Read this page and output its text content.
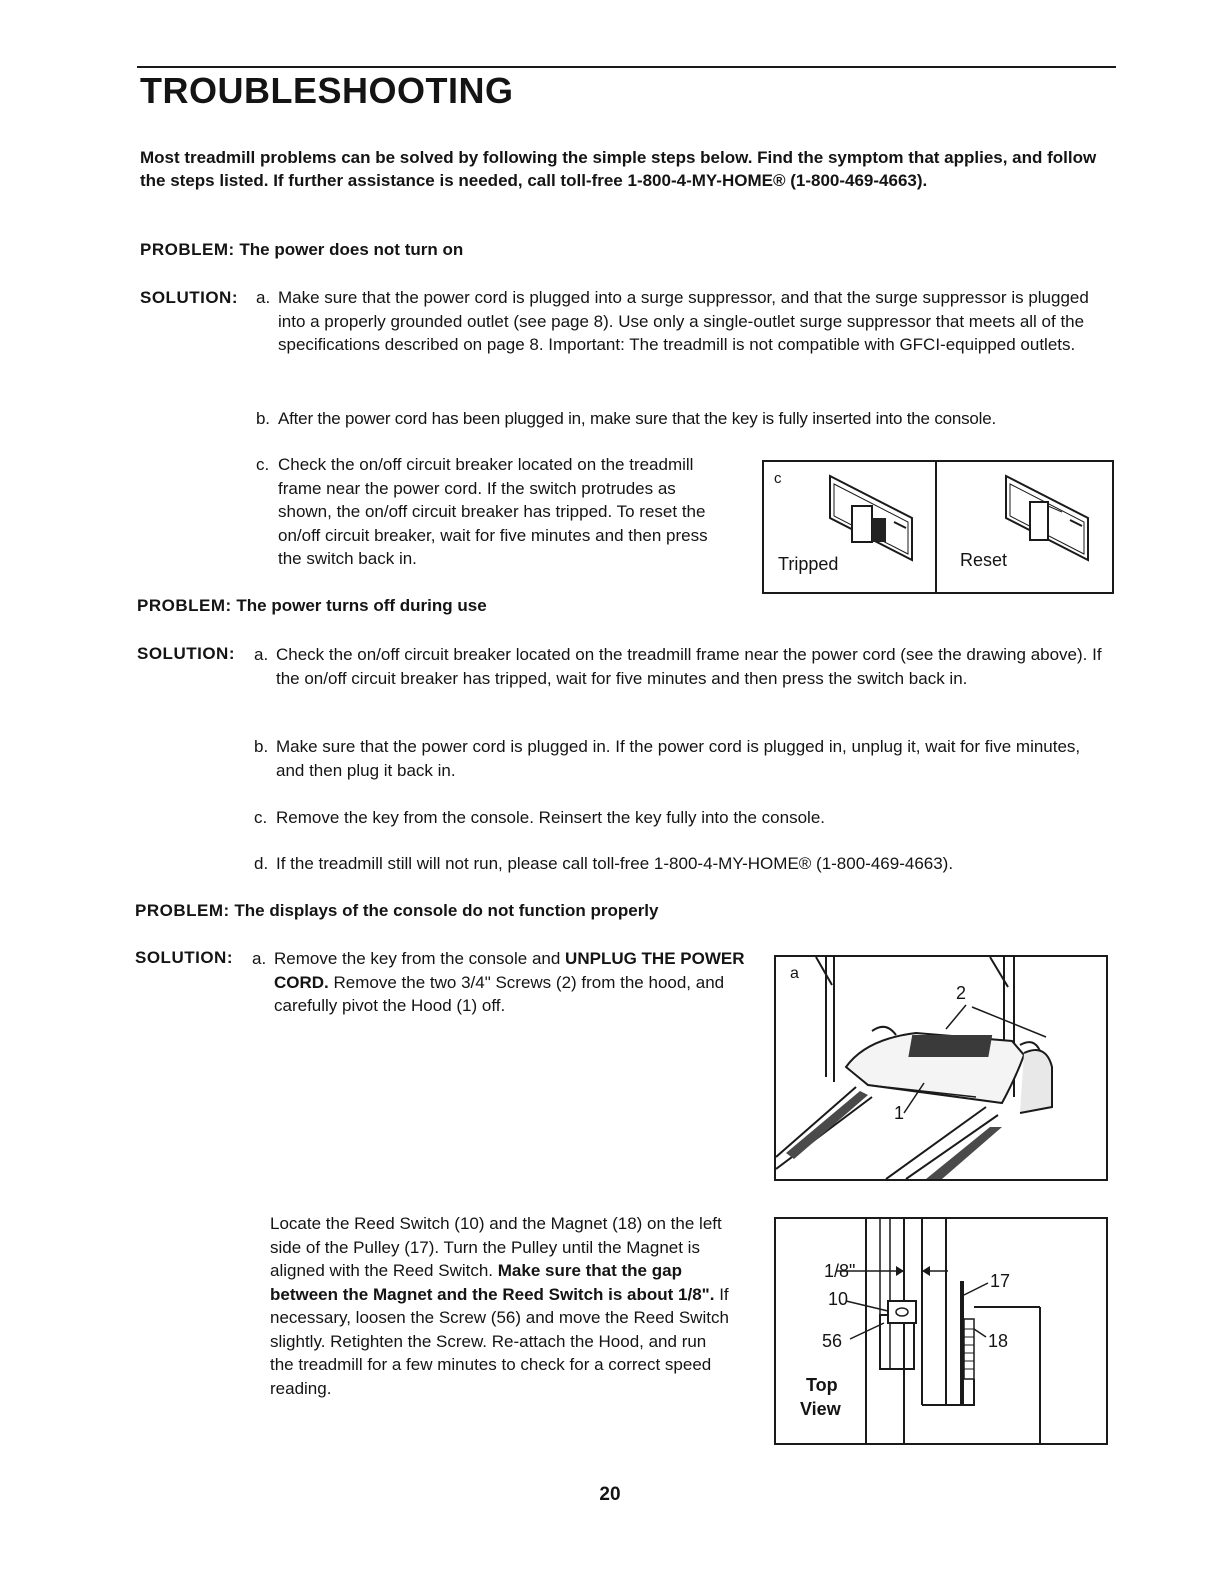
TROUBLESHOOTING

Most treadmill problems can be solved by following the simple steps below. Find the symptom that applies, and follow the steps listed. If further assistance is needed, call toll-free 1-800-4-MY-HOME® (1-800-469-4663).

PROBLEM: The power does not turn on
SOLUTION: a. Make sure that the power cord is plugged into a surge suppressor, and that the surge suppressor is plugged into a properly grounded outlet (see page 8). Use only a single-outlet surge suppressor that meets all of the specifications described on page 8. Important: The treadmill is not compatible with GFCI-equipped outlets.
b. After the power cord has been plugged in, make sure that the key is fully inserted into the console.
c. Check the on/off circuit breaker located on the treadmill frame near the power cord. If the switch protrudes as shown, the on/off circuit breaker has tripped. To reset the on/off circuit breaker, wait for five minutes and then press the switch back in.
c
Tripped	Reset
PROBLEM: The power turns off during use
SOLUTION: a. Check the on/off circuit breaker located on the treadmill frame near the power cord (see the drawing above). If the on/off circuit breaker has tripped, wait for five minutes and then press the switch back in.
b. Make sure that the power cord is plugged in. If the power cord is plugged in, unplug it, wait for five minutes, and then plug it back in.
c. Remove the key from the console. Reinsert the key fully into the console.
d. If the treadmill still will not run, please call toll-free 1-800-4-MY-HOME® (1-800-469-4663).
PROBLEM: The displays of the console do not function properly
SOLUTION: a. Remove the key from the console and UNPLUG THE POWER CORD. Remove the two 3/4" Screws (2) from the hood, and carefully pivot the Hood (1) off.
a
2
1
Locate the Reed Switch (10) and the Magnet (18) on the left side of the Pulley (17). Turn the Pulley until the Magnet is aligned with the Reed Switch. Make sure that the gap between the Magnet and the Reed Switch is about 1/8". If necessary, loosen the Screw (56) and move the Reed Switch slightly. Retighten the Screw. Re-attach the Hood, and run the treadmill for a few minutes to check for a correct speed reading.
1/8"	17
10
56	18
Top
View
20
